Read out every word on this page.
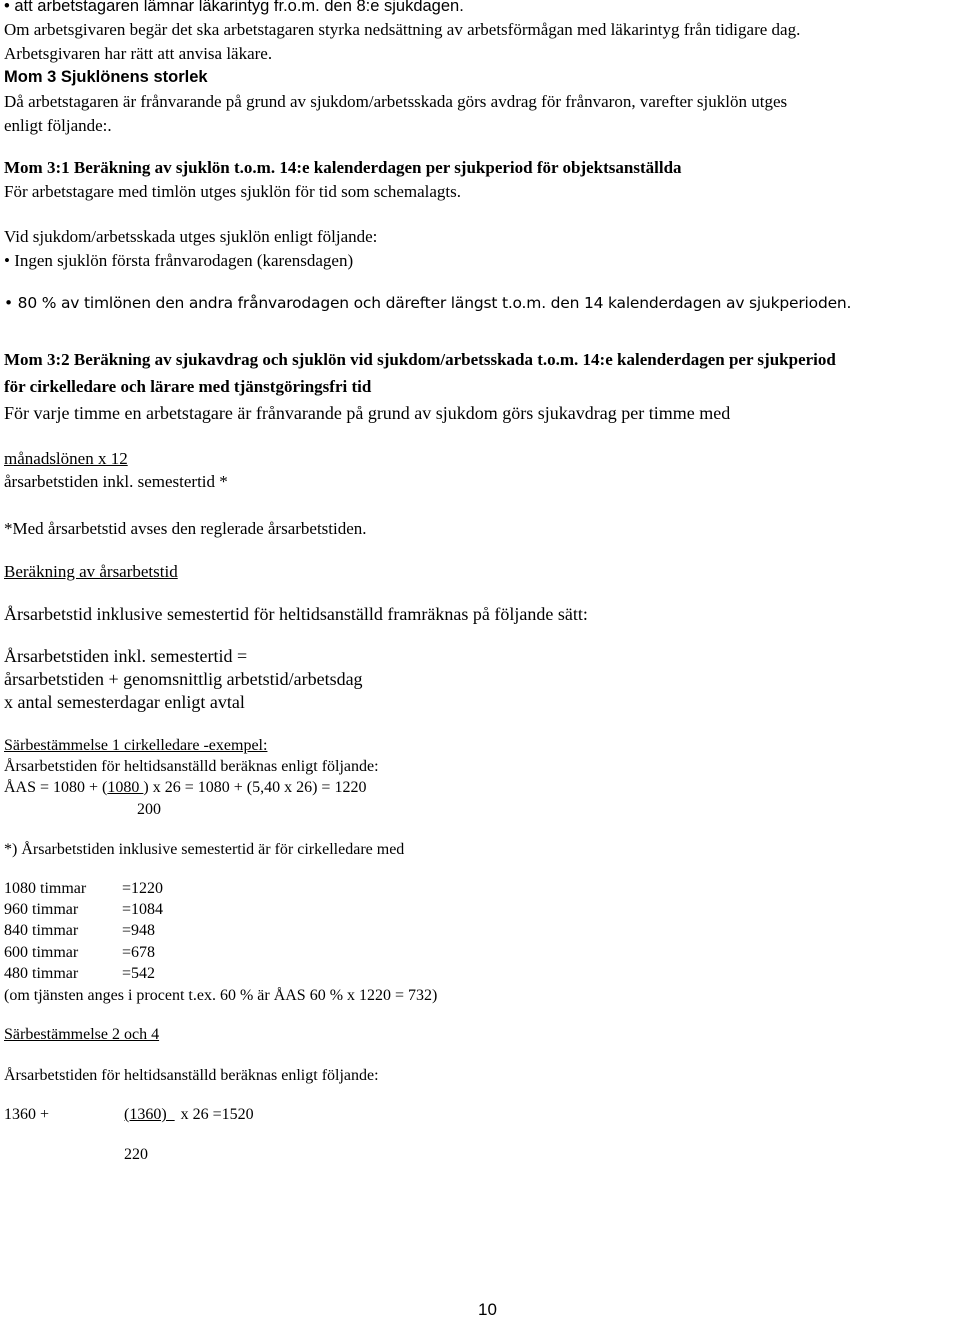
• att arbetstagaren lämnar läkarintyg fr.o.m. den 8:e sjukdagen.
Om arbetsgivaren begär det ska arbetstagaren styrka nedsättning av arbetsförmågan med läkarintyg från tidigare dag.
Arbetsgivaren har rätt att anvisa läkare.
Mom 3 Sjuklönens storlek
Då arbetstagaren är frånvarande på grund av sjukdom/arbetsskada görs avdrag för frånvaron, varefter sjuklön utges
enligt följande:.
Mom 3:1 Beräkning av sjuklön t.o.m. 14:e kalenderdagen per sjukperiod för objektsanställda
För arbetstagare med timlön utges sjuklön för tid som schemalagts.
Vid sjukdom/arbetsskada utges sjuklön enligt följande:
• Ingen sjuklön första frånvarodagen (karensdagen)
• 80 % av timlönen den andra frånvarodagen och därefter längst t.o.m. den 14 kalenderdagen av sjukperioden.
Mom 3:2 Beräkning av sjukavdrag och sjuklön vid sjukdom/arbetsskada t.o.m. 14:e kalenderdagen per sjukperiod
för cirkelledare och lärare med tjänstgöringsfri tid
För varje timme en arbetstagare är frånvarande på grund av sjukdom görs sjukavdrag per timme med
månadslönen x 12
årsarbetstiden inkl. semestertid *
*Med årsarbetstid avses den reglerade årsarbetstiden.
Beräkning av årsarbetstid
Årsarbetstid inklusive semestertid för heltidsanställd framräknas på följande sätt:
Årsarbetstiden inkl. semestertid =
årsarbetstiden + genomsnittlig arbetstid/arbetsdag
x antal semesterdagar enligt avtal
Särbestämmelse 1 cirkelledare -exempel:
Årsarbetstiden för heltidsanställd beräknas enligt följande:
ÅAS = 1080 + (1080 ) x 26 = 1080 + (5,40 x 26) = 1220
200
*) Årsarbetstiden inklusive semestertid är för cirkelledare med
1080 timmar =1220
960 timmar	=1084
840 timmar	=948
600 timmar	=678
480 timmar	=542
(om tjänsten anges i procent t.ex. 60 % är ÅAS 60 % x 1220 = 732)
Särbestämmelse 2 och 4
Årsarbetstiden för heltidsanställd beräknas enligt följande:
1360 +	(1360)  x 26 =1520
220
10
